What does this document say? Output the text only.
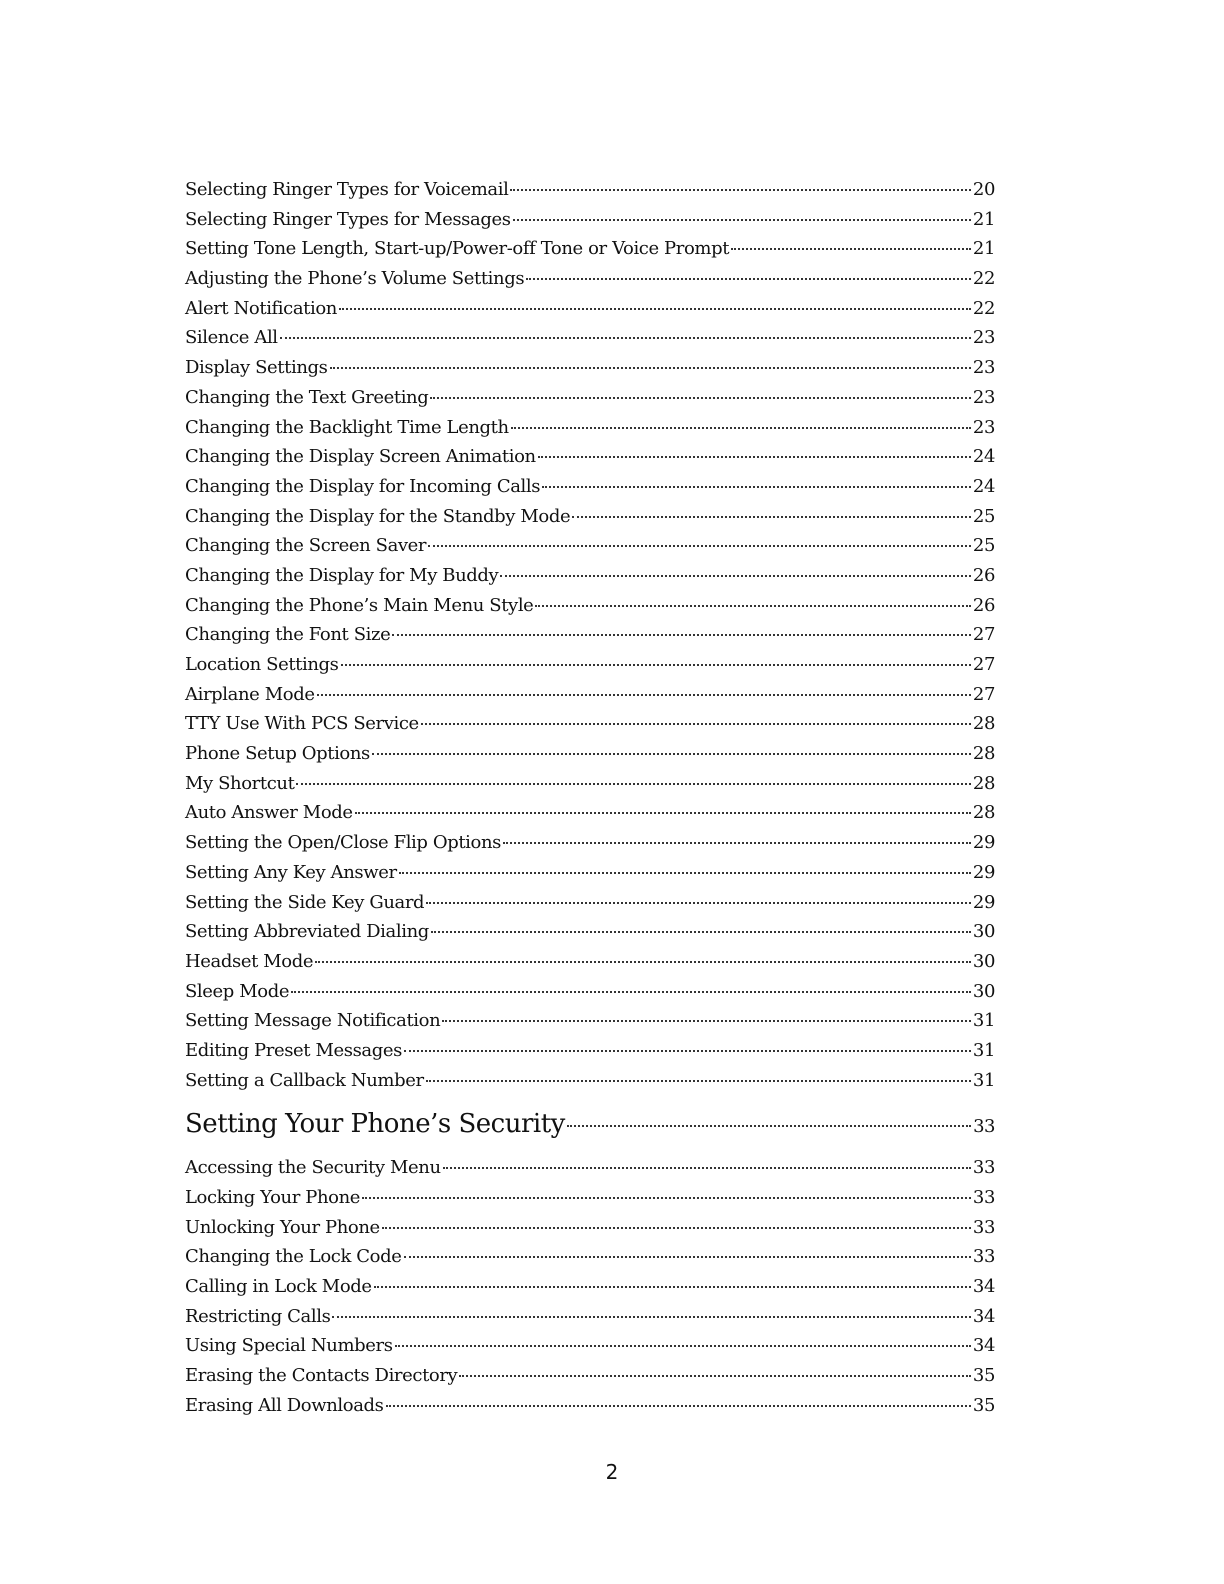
Selecting Ringer Types for Voicemail	20
Selecting Ringer Types for Messages	21
Setting Tone Length, Start-up/Power-off Tone or Voice Prompt	21
Adjusting the Phone’s Volume Settings	22
Alert Notification	22
Silence All	23
Display Settings	23
Changing the Text Greeting	23
Changing the Backlight Time Length	23
Changing the Display Screen Animation	24
Changing the Display for Incoming Calls	24
Changing the Display for the Standby Mode	25
Changing the Screen Saver	25
Changing the Display for My Buddy	26
Changing the Phone’s Main Menu Style	26
Changing the Font Size	27
Location Settings	27
Airplane Mode	27
TTY Use With PCS Service	28
Phone Setup Options	28
My Shortcut	28
Auto Answer Mode	28
Setting the Open/Close Flip Options	29
Setting Any Key Answer	29
Setting the Side Key Guard	29
Setting Abbreviated Dialing	30
Headset Mode	30
Sleep Mode	30
Setting Message Notification	31
Editing Preset Messages	31
Setting a Callback Number	31
Setting Your Phone’s Security	33
Accessing the Security Menu	33
Locking Your Phone	33
Unlocking Your Phone	33
Changing the Lock Code	33
Calling in Lock Mode	34
Restricting Calls	34
Using Special Numbers	34
Erasing the Contacts Directory	35
Erasing All Downloads	35
2
